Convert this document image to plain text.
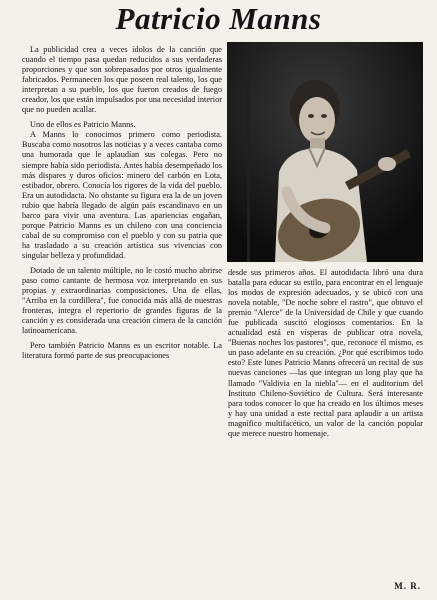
Patricio Manns

La publicidad crea a veces ídolos de la canción que cuando el tiempo pasa quedan reducidos a sus verdaderas proporciones y que son sobrepasados por otros igualmente fabricados. Permanecen los que poseen real talento, los que interpretan a su pueblo, los que fueron creados de fuego creador, los que están impulsados por una necesidad interior que no pueden acallar.

Uno de ellos es Patricio Manns.

A Manns lo conocimos primero como periodista. Buscaba como nosotros las noticias y a veces cantaba como una humorada que le aplaudían sus colegas. Pero no siempre había sido periodista. Antes había desempeñado los más dispares y duros oficios: minero del carbón en Lota, estibador, obrero. Conocía los rigores de la vida del pueblo. Era un autodidacta. No obstante su figura era la de un joven rubio que habría llegado de algún país escandinavo en un barco para vivir una aventura. Las apariencias engañan, porque Patricio Manns es un chileno con una conciencia cabal de su compromiso con el pueblo y con su patria que ha trasladado a su creación artística sus vivencias con singular belleza y profundidad.

Dotado de un talento múltiple, no le costó mucho abrirse paso como cantante de hermosa voz interpretando en sus propias y extraordinarias composiciones. Una de ellas, "Arriba en la cordillera", fue conocida más allá de nuestras fronteras, integra el repertorio de grandes figuras de la canción y es considerada una creación cimera de la canción latinoamericana.

Pero también Patricio Manns es un escritor notable. La literatura formó parte de sus preocupaciones

desde sus primeros años. El autodidacta libró una dura batalla para educar su estilo, para encontrar en el lenguaje los modos de expresión adecuados, y se ubicó con una novela notable, "De noche sobre el rastro", que obtuvo el premio "Alerce" de la Universidad de Chile y que cuando fue publicada suscitó elogiosos comentarios. En la actualidad está en vísperas de publicar otra novela, "Buenas noches los pastores", que, reconoce él mismo, es un paso adelante en su creación. ¿Por qué escribimos todo esto? Este lunes Patricio Manns ofrecerá un recital de sus nuevas canciones —las que integran un long play que ha llamado "Valdivia en la niebla"— en el auditorium del Instituto Chileno-Soviético de Cultura. Será interesante para todos conocer lo que ha creado en los últimos meses y hay una unidad a este recital para aplaudir a un artista magnífico multifacético, un valor de la canción popular que merece nuestro homenaje.

M. R.
